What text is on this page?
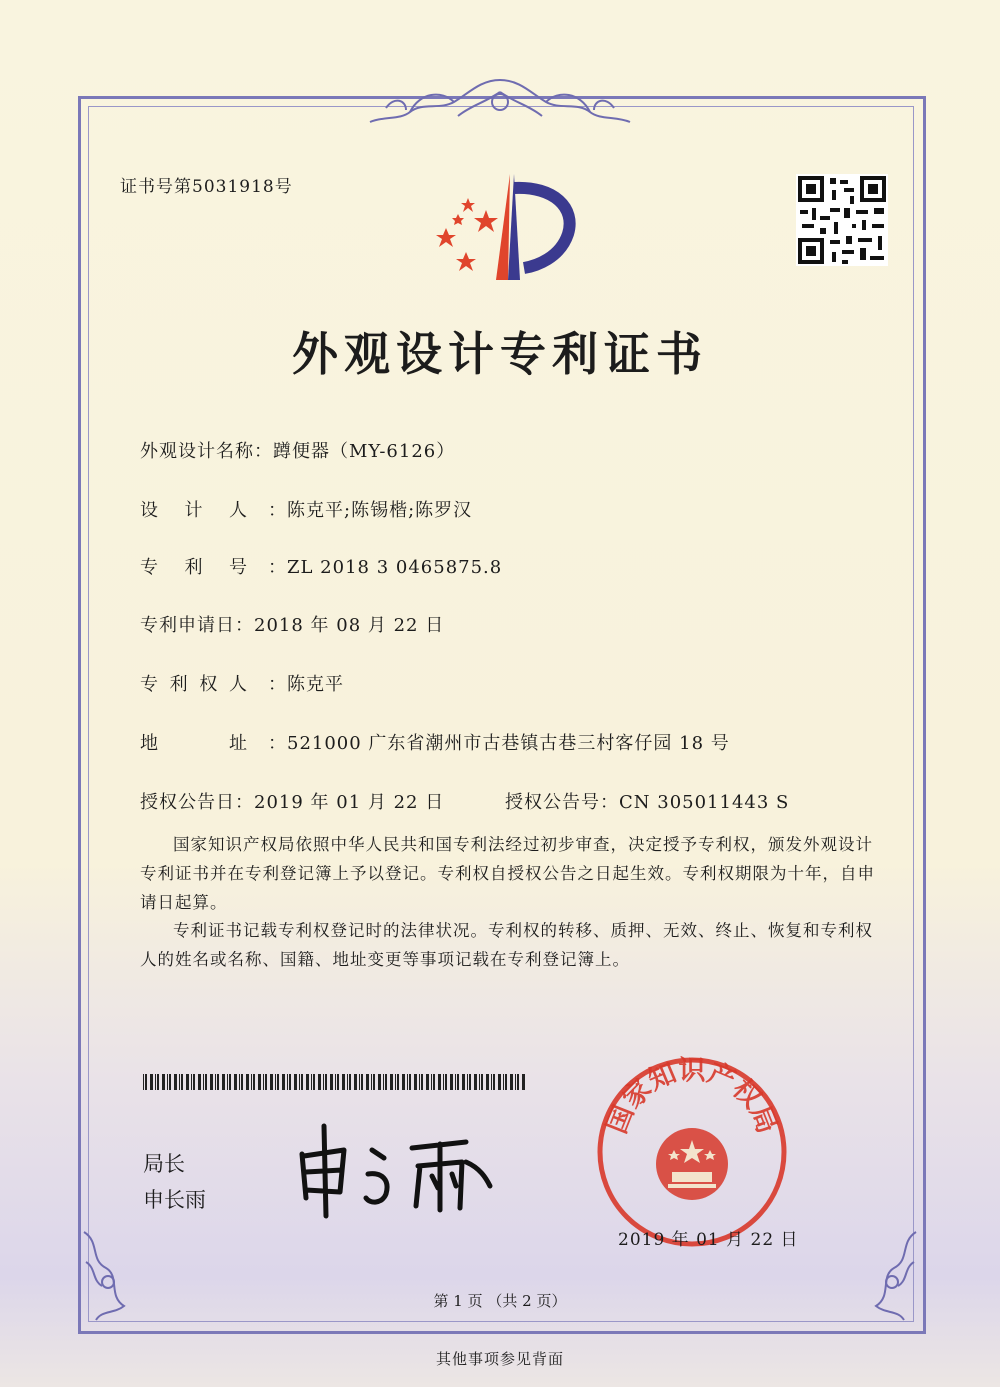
证书号第5031918号
外观设计专利证书
外观设计名称：蹲便器（MY-6126）
设计人 ：陈克平;陈锡楷;陈罗汉
专利号 ：ZL 2018 3 0465875.8
专利申请日：2018 年 08 月 22 日
专利权人 ：陈克平
地址 ：521000 广东省潮州市古巷镇古巷三村客仔园 18 号
授权公告日：2019 年 01 月 22 日	授权公告号：CN 305011443 S
国家知识产权局依照中华人民共和国专利法经过初步审查，决定授予专利权，颁发外观设计专利证书并在专利登记簿上予以登记。专利权自授权公告之日起生效。专利权期限为十年，自申请日起算。
专利证书记载专利权登记时的法律状况。专利权的转移、质押、无效、终止、恢复和专利权人的姓名或名称、国籍、地址变更等事项记载在专利登记簿上。
局长
申长雨
国家知识产权局
2019 年 01 月 22 日
第 1 页 （共 2 页）
其他事项参见背面
